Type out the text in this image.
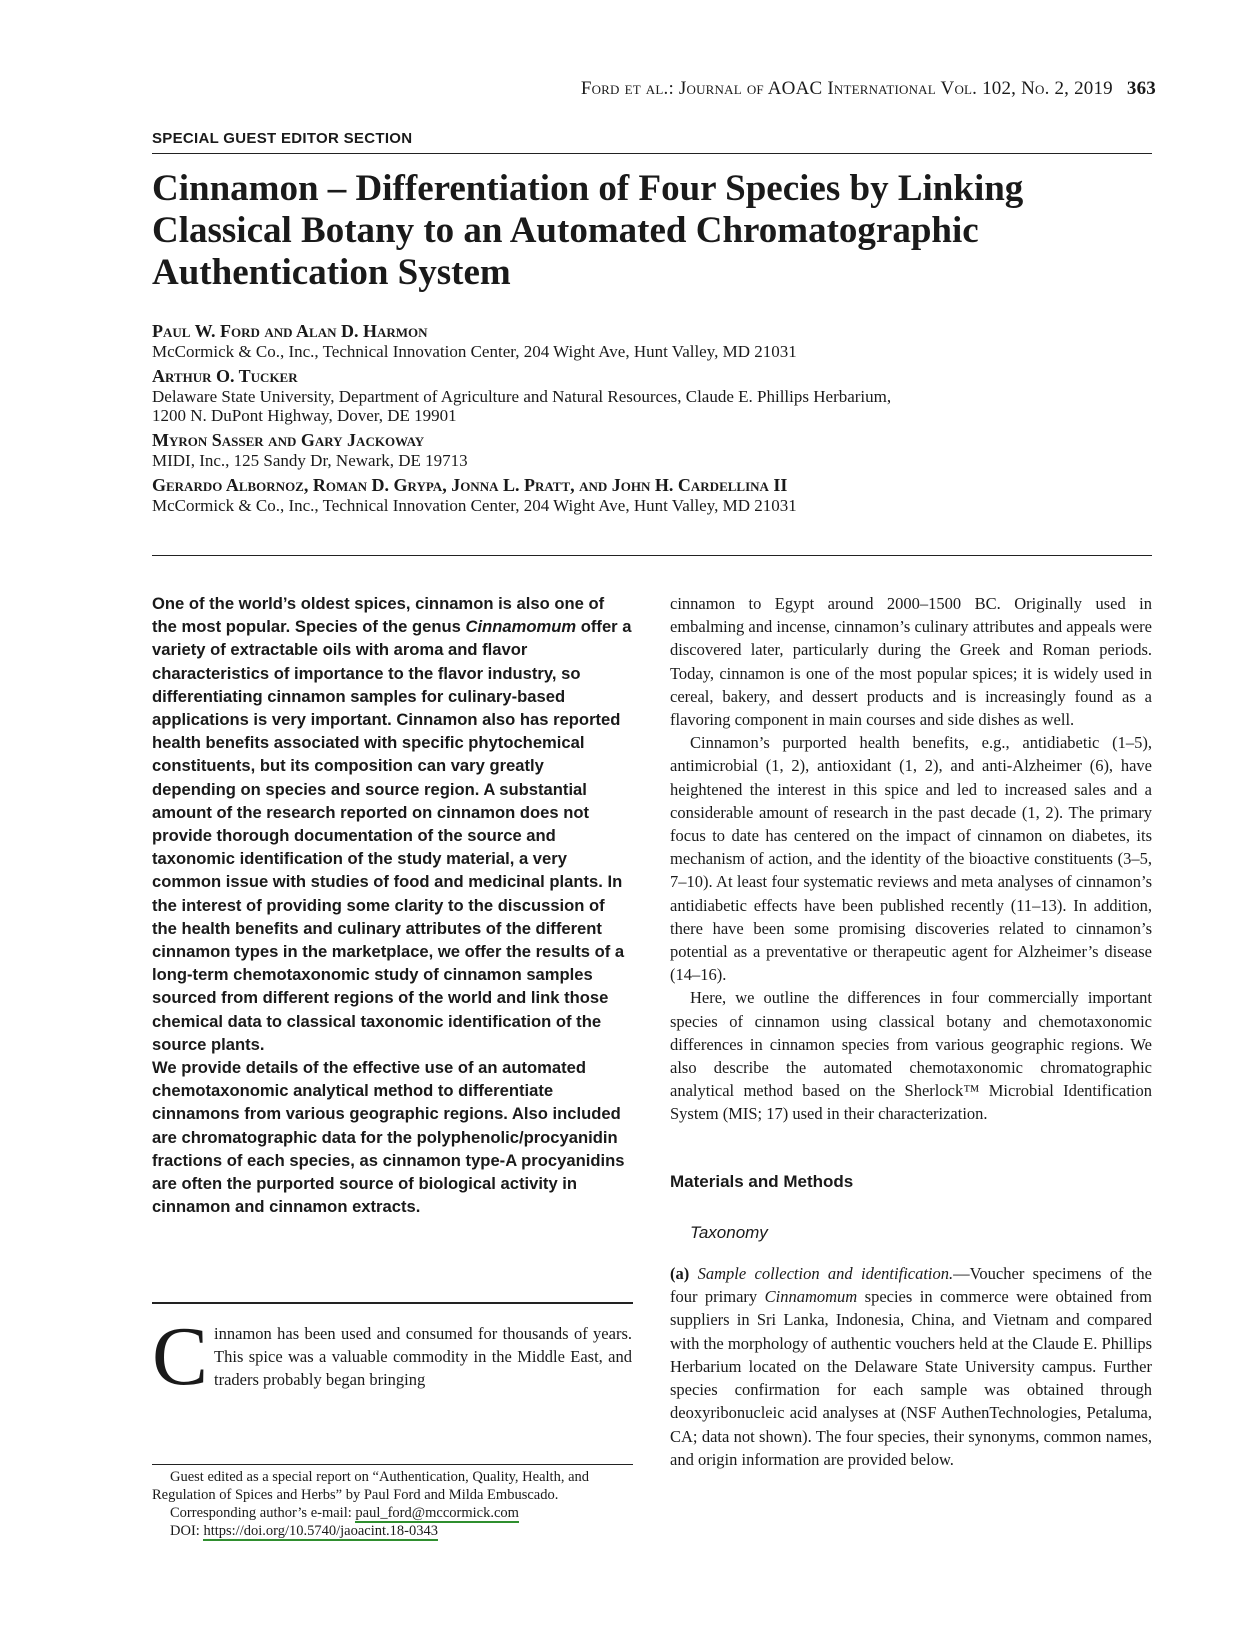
Ford et al.: Journal of AOAC International Vol. 102, No. 2, 2019 363
SPECIAL GUEST EDITOR SECTION
Cinnamon – Differentiation of Four Species by Linking
Classical Botany to an Automated Chromatographic
Authentication System
Paul W. Ford and Alan D. Harmon
McCormick & Co., Inc., Technical Innovation Center, 204 Wight Ave, Hunt Valley, MD 21031
Arthur O. Tucker
Delaware State University, Department of Agriculture and Natural Resources, Claude E. Phillips Herbarium,
1200 N. DuPont Highway, Dover, DE 19901
Myron Sasser and Gary Jackoway
MIDI, Inc., 125 Sandy Dr, Newark, DE 19713
Gerardo Albornoz, Roman D. Grypa, Jonna L. Pratt, and John H. Cardellina II
McCormick & Co., Inc., Technical Innovation Center, 204 Wight Ave, Hunt Valley, MD 21031

One of the world’s oldest spices, cinnamon is also one of the most popular. Species of the genus Cinnamomum offer a variety of extractable oils with aroma and flavor characteristics of importance to the flavor industry, so differentiating cinnamon samples for culinary-based applications is very important. Cinnamon also has reported health benefits associated with specific phytochemical constituents, but its composition can vary greatly depending on species and source region. A substantial amount of the research reported on cinnamon does not provide thorough documentation of the source and taxonomic identification of the study material, a very common issue with studies of food and medicinal plants. In the interest of providing some clarity to the discussion of the health benefits and culinary attributes of the different cinnamon types in the marketplace, we offer the results of a long-term chemotaxonomic study of cinnamon samples sourced from different regions of the world and link those chemical data to classical taxonomic identification of the source plants.

We provide details of the effective use of an automated chemotaxonomic analytical method to differentiate cinnamons from various geographic regions. Also included are chromatographic data for the polyphenolic/procyanidin fractions of each species, as cinnamon type-A procyanidins are often the purported source of biological activity in cinnamon and cinnamon extracts.

Cinnamon has been used and consumed for thousands of years. This spice was a valuable commodity in the Middle East, and traders probably began bringing

Guest edited as a special report on “Authentication, Quality, Health, and Regulation of Spices and Herbs” by Paul Ford and Milda Embuscado.

Corresponding author’s e-mail: paul_ford@mccormick.com

DOI: https://doi.org/10.5740/jaoacint.18-0343

cinnamon to Egypt around 2000–1500 BC. Originally used in embalming and incense, cinnamon’s culinary attributes and appeals were discovered later, particularly during the Greek and Roman periods. Today, cinnamon is one of the most popular spices; it is widely used in cereal, bakery, and dessert products and is increasingly found as a flavoring component in main courses and side dishes as well.

Cinnamon’s purported health benefits, e.g., antidiabetic (1–5), antimicrobial (1, 2), antioxidant (1, 2), and anti-Alzheimer (6), have heightened the interest in this spice and led to increased sales and a considerable amount of research in the past decade (1, 2). The primary focus to date has centered on the impact of cinnamon on diabetes, its mechanism of action, and the identity of the bioactive constituents (3–5, 7–10). At least four systematic reviews and meta analyses of cinnamon’s antidiabetic effects have been published recently (11–13). In addition, there have been some promising discoveries related to cinnamon’s potential as a preventative or therapeutic agent for Alzheimer’s disease (14–16).

Here, we outline the differences in four commercially important species of cinnamon using classical botany and chemotaxonomic differences in cinnamon species from various geographic regions. We also describe the automated chemotaxonomic chromatographic analytical method based on the Sherlock™ Microbial Identification System (MIS; 17) used in their characterization.

Materials and Methods
Taxonomy

(a) Sample collection and identification.—Voucher specimens of the four primary Cinnamomum species in commerce were obtained from suppliers in Sri Lanka, Indonesia, China, and Vietnam and compared with the morphology of authentic vouchers held at the Claude E. Phillips Herbarium located on the Delaware State University campus. Further species confirmation for each sample was obtained through deoxyribonucleic acid analyses at (NSF AuthenTechnologies, Petaluma, CA; data not shown). The four species, their synonyms, common names, and origin information are provided below.
